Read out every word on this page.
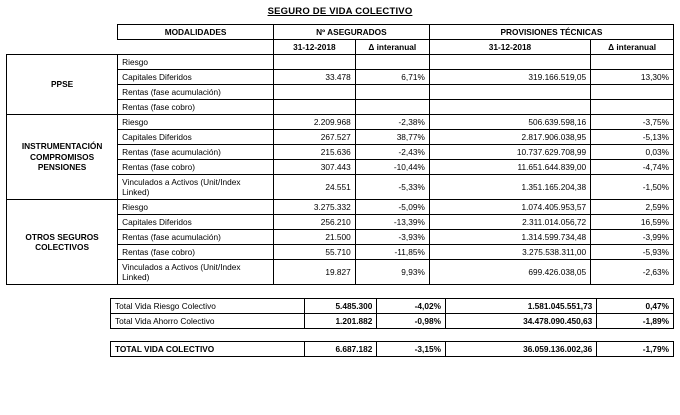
SEGURO DE VIDA COLECTIVO
	MODALIDADES	Nº ASEGURADOS		PROVISIONES TÉCNICAS	
		31-12-2018	Δ interanual	31-12-2018	Δ interanual
PPSE	Riesgo				
	Capitales Diferidos	33.478	6,71%	319.166.519,05	13,30%
	Rentas (fase acumulación)				
	Rentas (fase cobro)				
INSTRUMENTACIÓN COMPROMISOS PENSIONES	Riesgo	2.209.968	-2,38%	506.639.598,16	-3,75%
	Capitales Diferidos	267.527	38,77%	2.817.906.038,95	-5,13%
	Rentas (fase acumulación)	215.636	-2,43%	10.737.629.708,99	0,03%
	Rentas (fase cobro)	307.443	-10,44%	11.651.644.839,00	-4,74%
	Vinculados a Activos (Unit/Index Linked)	24.551	-5,33%	1.351.165.204,38	-1,50%
OTROS SEGUROS COLECTIVOS	Riesgo	3.275.332	-5,09%	1.074.405.953,57	2,59%
	Capitales Diferidos	256.210	-13,39%	2.311.014.056,72	16,59%
	Rentas (fase acumulación)	21.500	-3,93%	1.314.599.734,48	-3,99%
	Rentas (fase cobro)	55.710	-11,85%	3.275.538.311,00	-5,93%
	Vinculados a Activos (Unit/Index Linked)	19.827	9,93%	699.426.038,05	-2,63%
Total Vida Riesgo Colectivo	5.485.300	-4,02%	1.581.045.551,73	0,47%
Total Vida Ahorro Colectivo	1.201.882	-0,98%	34.478.090.450,63	-1,89%
TOTAL VIDA COLECTIVO	6.687.182	-3,15%	36.059.136.002,36	-1,79%
